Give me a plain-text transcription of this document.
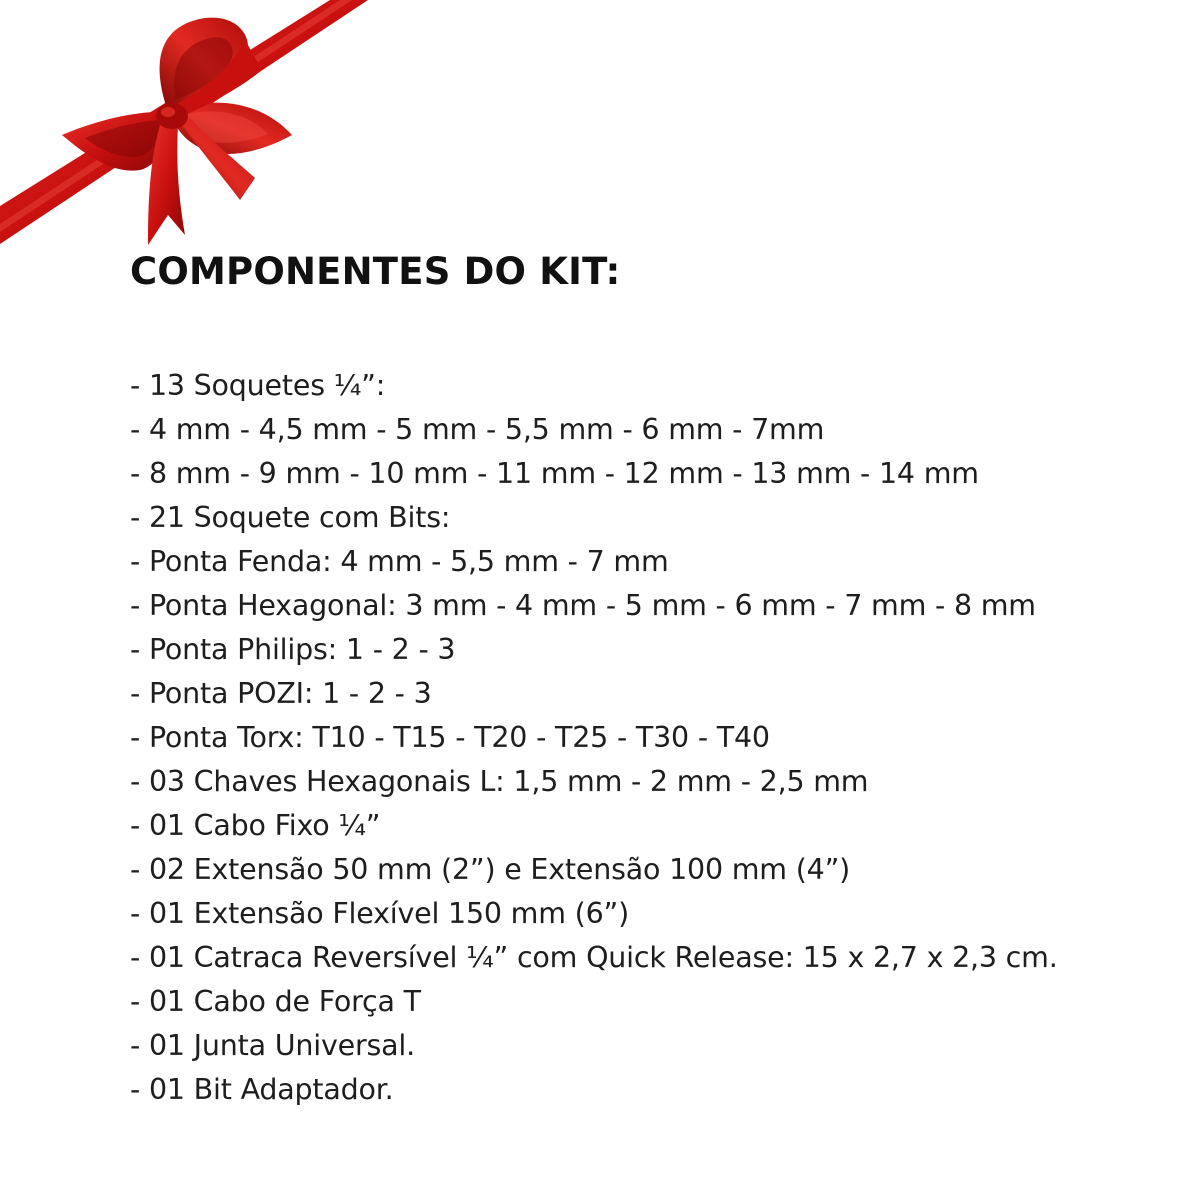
COMPONENTES DO KIT:
- 13 Soquetes ¼”:
- 4 mm - 4,5 mm - 5 mm - 5,5 mm - 6 mm - 7mm
- 8 mm - 9 mm - 10 mm - 11 mm - 12 mm - 13 mm - 14 mm
- 21 Soquete com Bits:
- Ponta Fenda: 4 mm - 5,5 mm - 7 mm
- Ponta Hexagonal: 3 mm - 4 mm - 5 mm - 6 mm - 7 mm - 8 mm
- Ponta Philips: 1 - 2 - 3
- Ponta POZI: 1 - 2 - 3
- Ponta Torx: T10 - T15 - T20 - T25 - T30 - T40
- 03 Chaves Hexagonais L: 1,5 mm - 2 mm - 2,5 mm
- 01 Cabo Fixo ¼”
- 02 Extensão 50 mm (2”) e Extensão 100 mm (4”)
- 01 Extensão Flexível 150 mm (6”)
- 01 Catraca Reversível ¼” com Quick Release: 15 x 2,7 x 2,3 cm.
- 01 Cabo de Força T
- 01 Junta Universal.
- 01 Bit Adaptador.
